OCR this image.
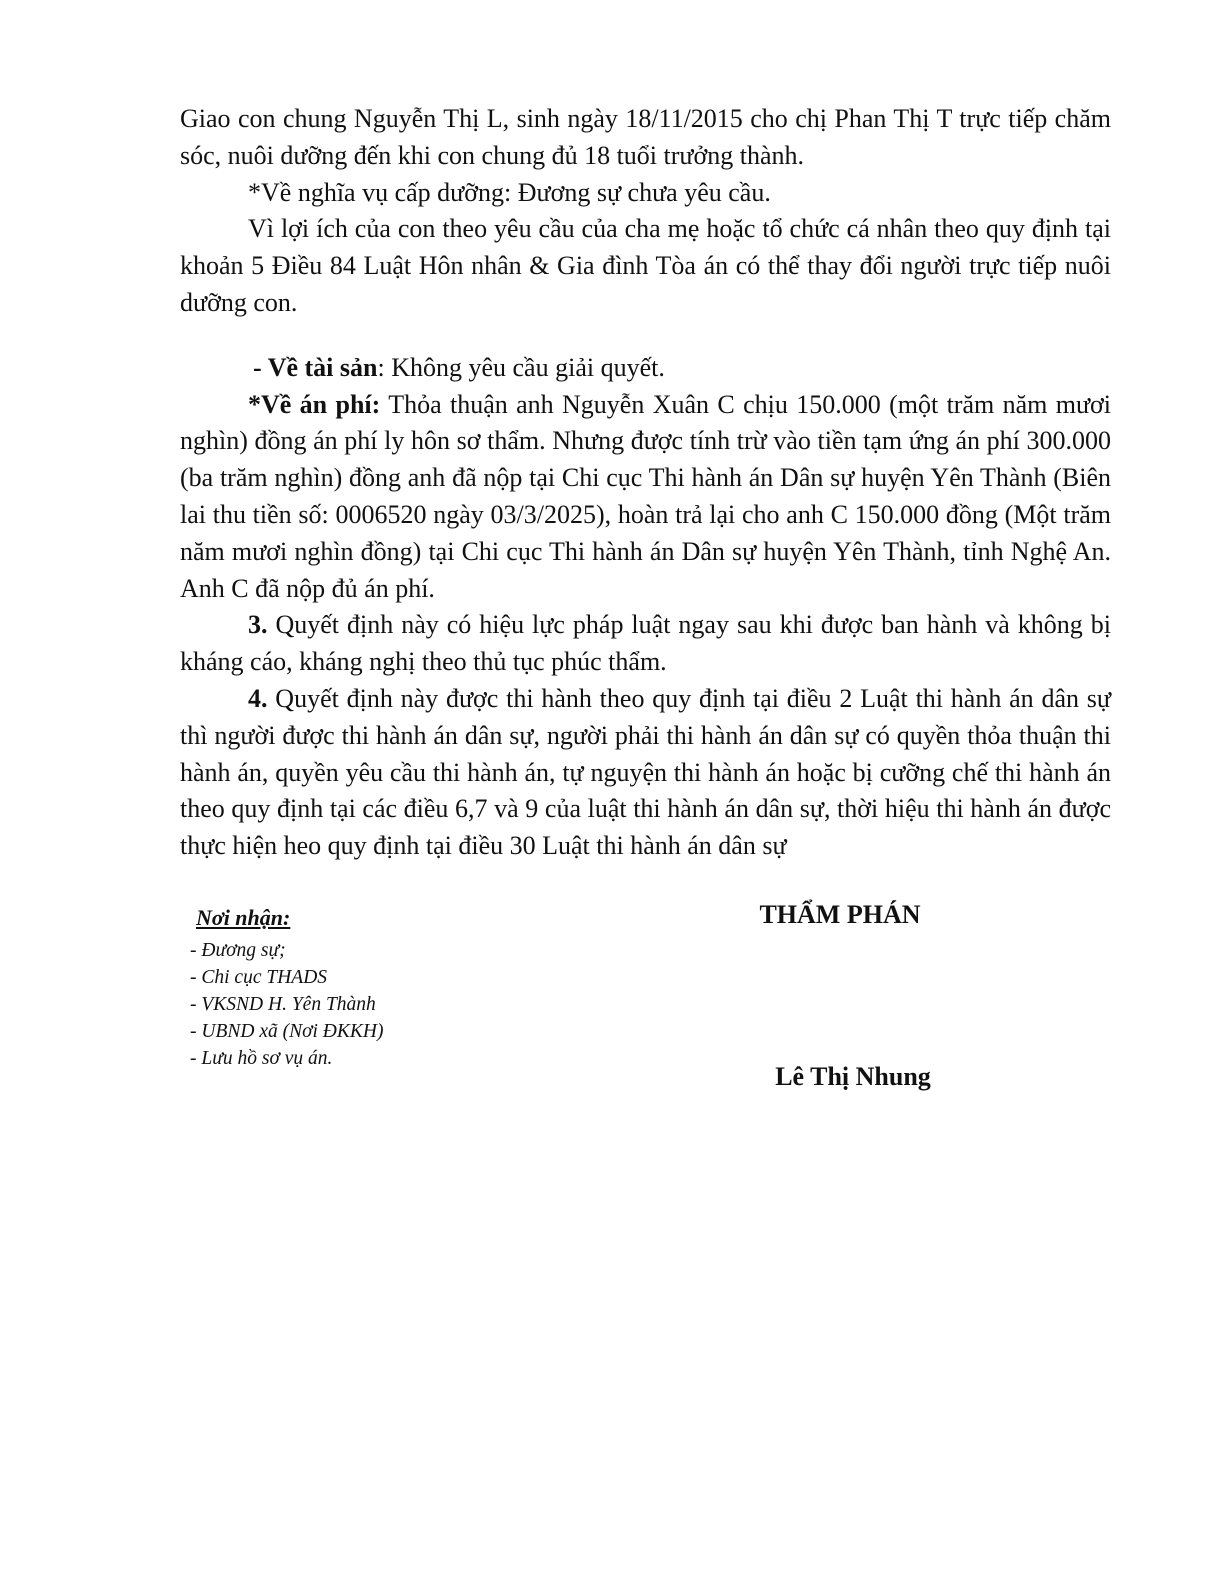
Giao con chung Nguyễn Thị L, sinh ngày 18/11/2015 cho chị Phan Thị T trực tiếp chăm sóc, nuôi dưỡng đến khi con chung đủ 18 tuổi trưởng thành.

*Về nghĩa vụ cấp dưỡng: Đương sự chưa yêu cầu.

Vì lợi ích của con theo yêu cầu của cha mẹ hoặc tổ chức cá nhân theo quy định tại khoản 5 Điều 84 Luật Hôn nhân & Gia đình Tòa án có thể thay đổi người trực tiếp nuôi dưỡng con.

- Về tài sản: Không yêu cầu giải quyết.

*Về án phí: Thỏa thuận anh Nguyễn Xuân C chịu 150.000 (một trăm năm mươi nghìn) đồng án phí ly hôn sơ thẩm. Nhưng được tính trừ vào tiền tạm ứng án phí 300.000 (ba trăm nghìn) đồng anh đã nộp tại Chi cục Thi hành án Dân sự huyện Yên Thành (Biên lai thu tiền số: 0006520 ngày 03/3/2025), hoàn trả lại cho anh C 150.000 đồng (Một trăm năm mươi nghìn đồng) tại Chi cục Thi hành án Dân sự huyện Yên Thành, tỉnh Nghệ An. Anh C đã nộp đủ án phí.

3. Quyết định này có hiệu lực pháp luật ngay sau khi được ban hành và không bị kháng cáo, kháng nghị theo thủ tục phúc thẩm.

4. Quyết định này được thi hành theo quy định tại điều 2 Luật thi hành án dân sự thì người được thi hành án dân sự, người phải thi hành án dân sự có quyền thỏa thuận thi hành án, quyền yêu cầu thi hành án, tự nguyện thi hành án hoặc bị cưỡng chế thi hành án theo quy định tại các điều 6,7 và 9 của luật thi hành án dân sự, thời hiệu thi hành án được thực hiện heo quy định tại điều 30 Luật thi hành án dân sự

Nơi nhận:
- Đương sự;
- Chi cục THADS
- VKSND H. Yên Thành
- UBND xã (Nơi ĐKKH)
- Lưu hồ sơ vụ án.
THẨM PHÁN
Lê Thị Nhung
